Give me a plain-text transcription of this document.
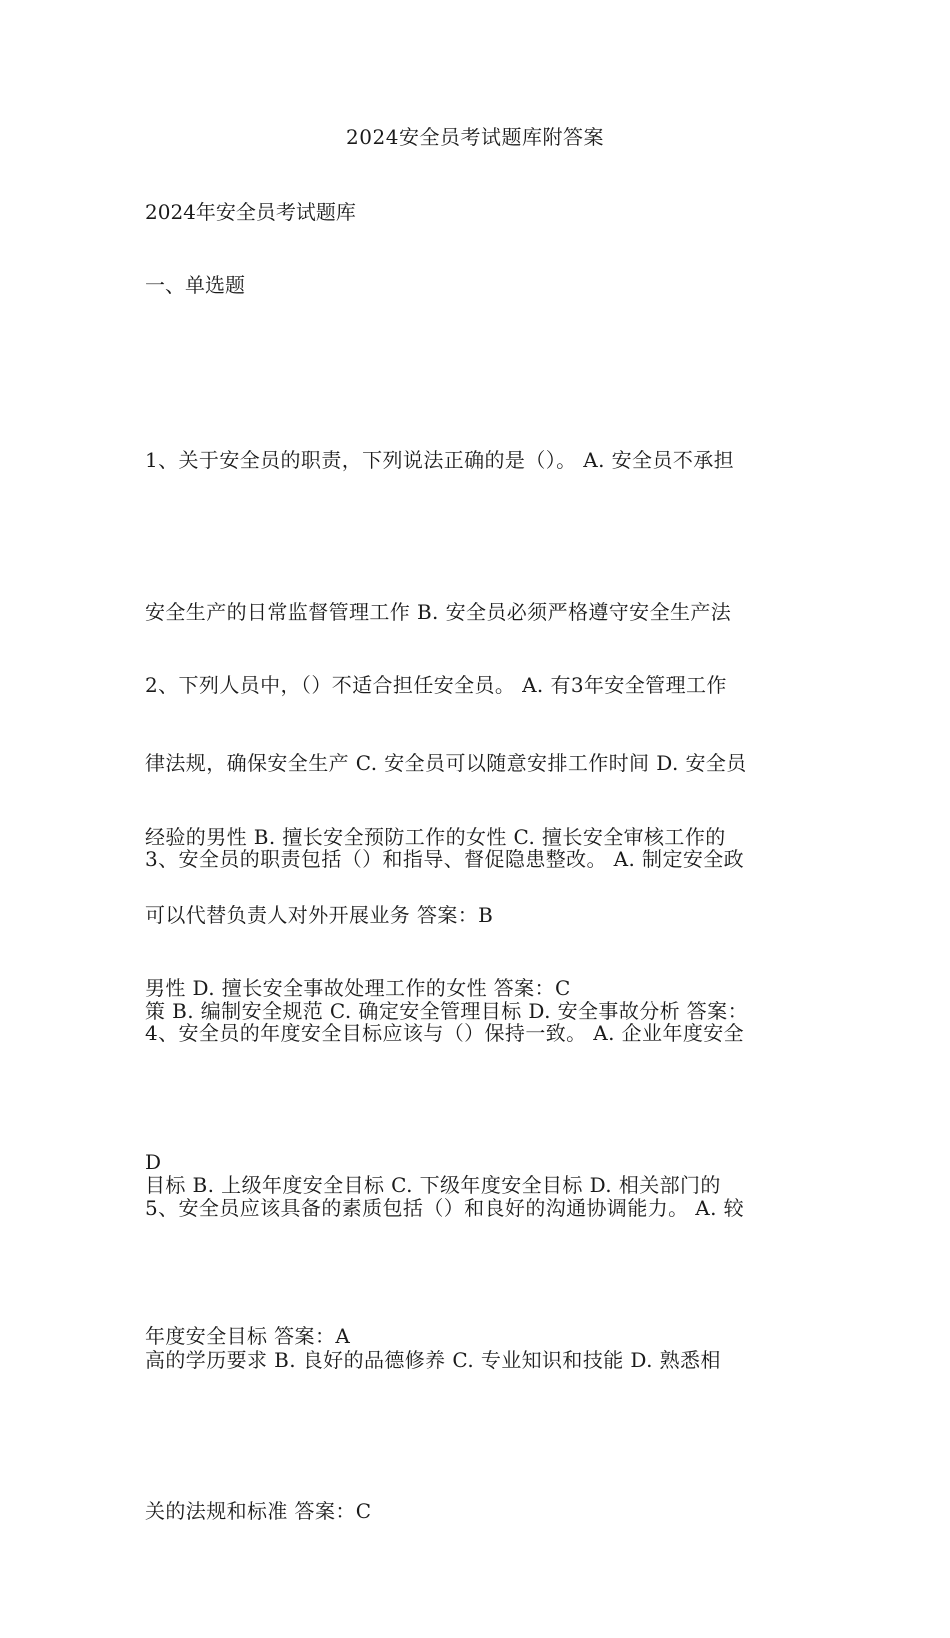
2024安全员考试题库附答案
2024年安全员考试题库
一、单选题

1、关于安全员的职责，下列说法正确的是（）。 A. 安全员不承担

安全生产的日常监督管理工作 B. 安全员必须严格遵守安全生产法

律法规，确保安全生产 C. 安全员可以随意安排工作时间 D. 安全员

可以代替负责人对外开展业务 答案：B

2、下列人员中，（）不适合担任安全员。 A. 有3年安全管理工作

经验的男性 B. 擅长安全预防工作的女性 C. 擅长安全审核工作的

男性 D. 擅长安全事故处理工作的女性 答案：C

3、安全员的职责包括（）和指导、督促隐患整改。 A. 制定安全政

策 B. 编制安全规范 C. 确定安全管理目标 D. 安全事故分析 答案：

D

4、安全员的年度安全目标应该与（）保持一致。 A. 企业年度安全

目标 B. 上级年度安全目标 C. 下级年度安全目标 D. 相关部门的

年度安全目标 答案：A

5、安全员应该具备的素质包括（）和良好的沟通协调能力。 A. 较

高的学历要求 B. 良好的品德修养 C. 专业知识和技能 D. 熟悉相

关的法规和标准 答案：C
